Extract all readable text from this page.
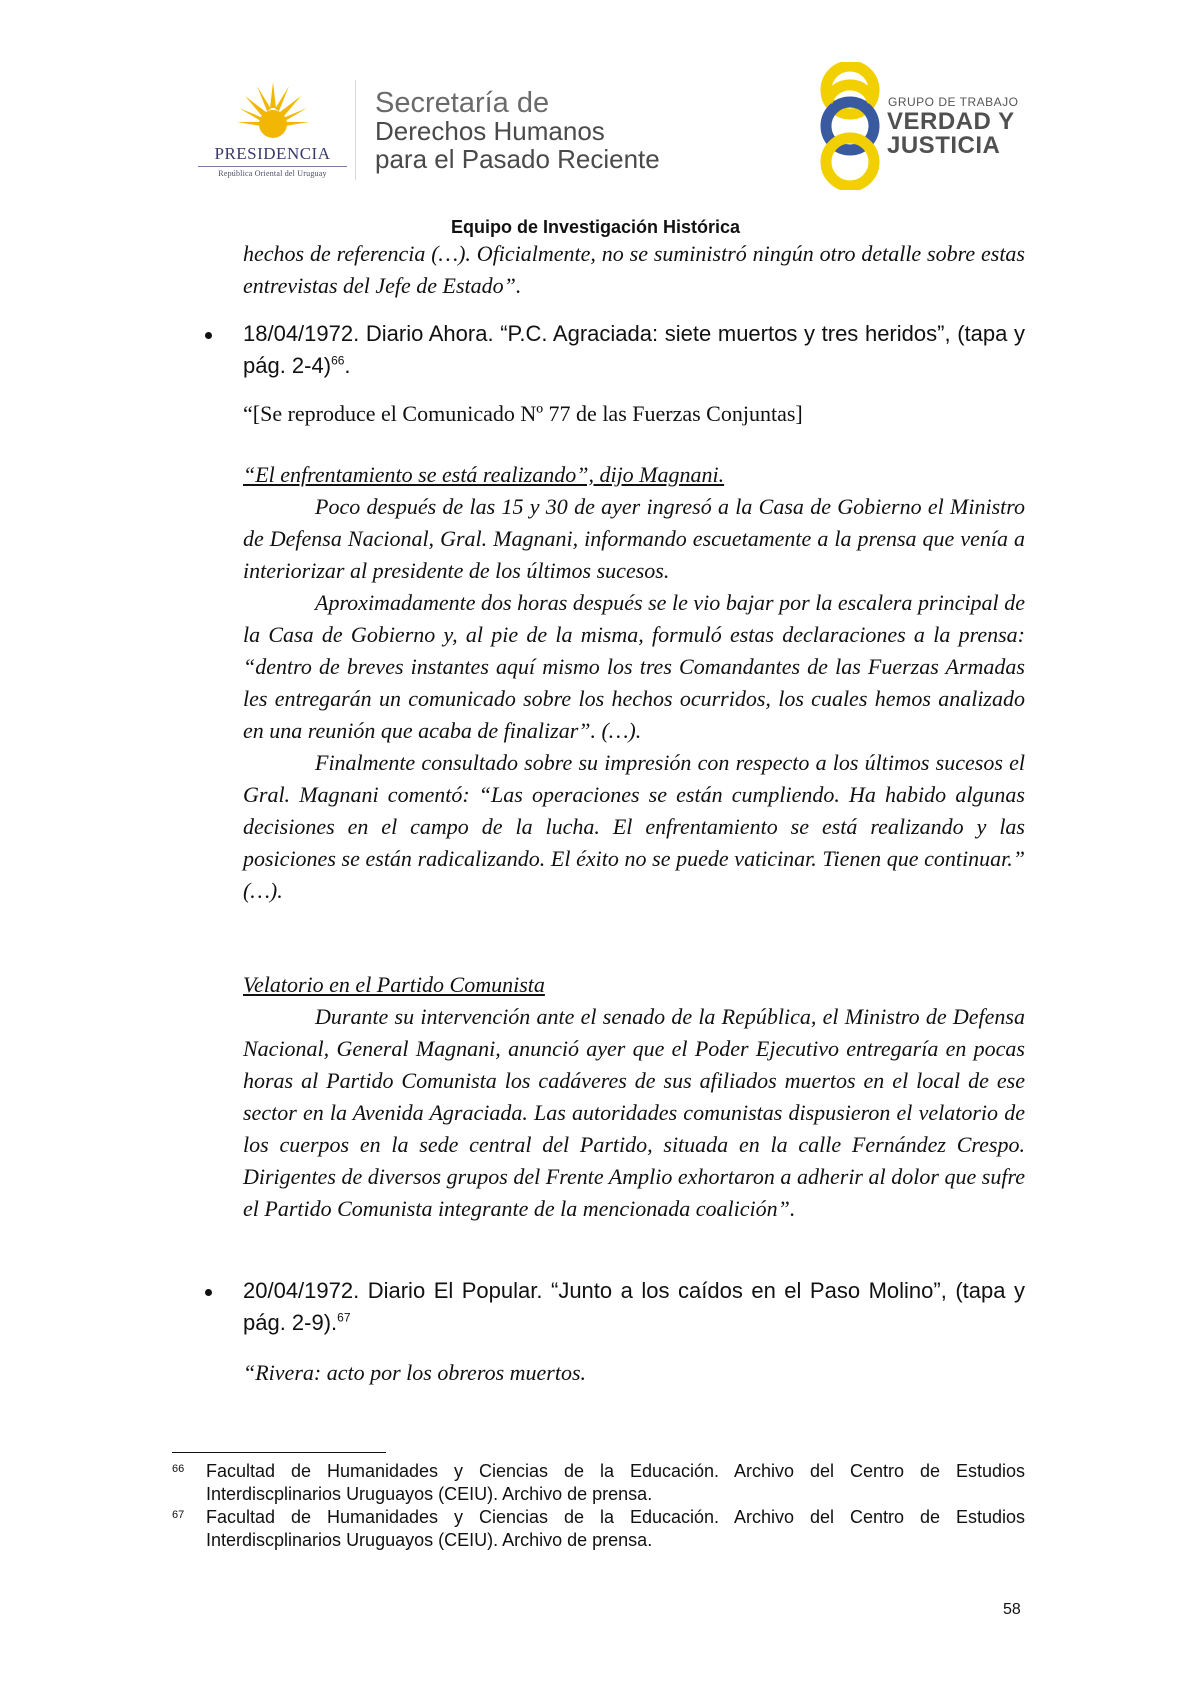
PRESIDENCIA
República Oriental del Uruguay
Secretaría de
Derechos Humanos
para el Pasado Reciente
GRUPO DE TRABAJO
VERDAD Y
JUSTICIA
Equipo de Investigación Histórica

hechos de referencia (…). Oficialmente, no se suministró ningún otro detalle sobre estas entrevistas del Jefe de Estado”.

18/04/1972. Diario Ahora. “P.C. Agraciada: siete muertos y tres heridos”, (tapa y pág. 2-4)$^{66}$.

“[Se reproduce el Comunicado Nº 77 de las Fuerzas Conjuntas]

“El enfrentamiento se está realizando”, dijo Magnani.

Poco después de las 15 y 30 de ayer ingresó a la Casa de Gobierno el Ministro de Defensa Nacional, Gral. Magnani, informando escuetamente a la prensa que venía a interiorizar al presidente de los últimos sucesos.

Aproximadamente dos horas después se le vio bajar por la escalera principal de la Casa de Gobierno y, al pie de la misma, formuló estas declaraciones a la prensa: “dentro de breves instantes aquí mismo los tres Comandantes de las Fuerzas Armadas les entregarán un comunicado sobre los hechos ocurridos, los cuales hemos analizado en una reunión que acaba de finalizar”. (…).

Finalmente consultado sobre su impresión con respecto a los últimos sucesos el Gral. Magnani comentó: “Las operaciones se están cumpliendo. Ha habido algunas decisiones en el campo de la lucha. El enfrentamiento se está realizando y las posiciones se están radicalizando. El éxito no se puede vaticinar. Tienen que continuar.” (…).

Velatorio en el Partido Comunista

Durante su intervención ante el senado de la República, el Ministro de Defensa Nacional, General Magnani, anunció ayer que el Poder Ejecutivo entregaría en pocas horas al Partido Comunista los cadáveres de sus afiliados muertos en el local de ese sector en la Avenida Agraciada. Las autoridades comunistas dispusieron el velatorio de los cuerpos en la sede central del Partido, situada en la calle Fernández Crespo. Dirigentes de diversos grupos del Frente Amplio exhortaron a adherir al dolor que sufre el Partido Comunista integrante de la mencionada coalición”.

20/04/1972. Diario El Popular. “Junto a los caídos en el Paso Molino”, (tapa y pág. 2-9).$^{67}$

“Rivera: acto por los obreros muertos.

66 Facultad de Humanidades y Ciencias de la Educación. Archivo del Centro de Estudios Interdiscplinarios Uruguayos (CEIU). Archivo de prensa.
67 Facultad de Humanidades y Ciencias de la Educación. Archivo del Centro de Estudios Interdiscplinarios Uruguayos (CEIU). Archivo de prensa.
58
